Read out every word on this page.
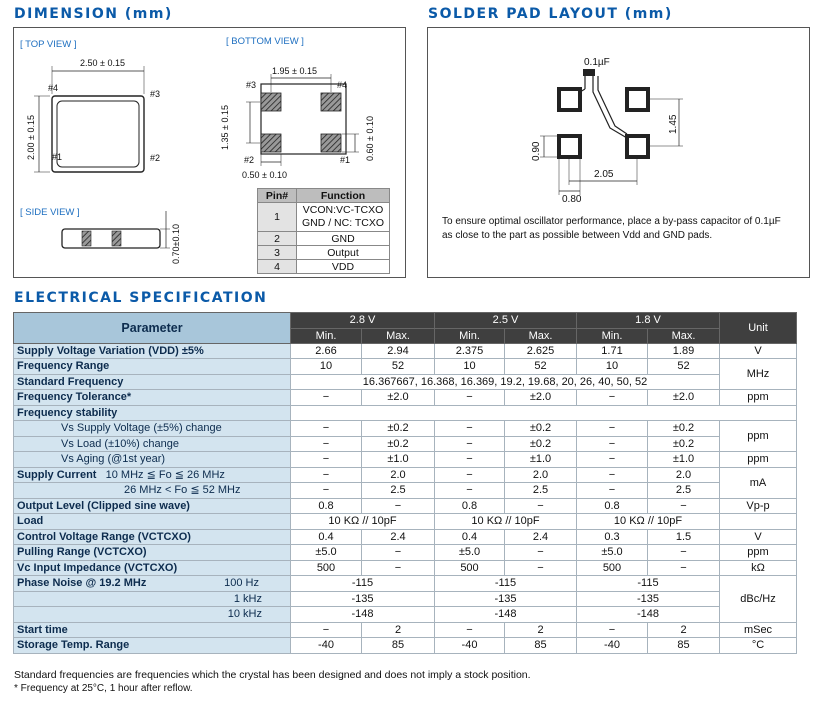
DIMENSION (mm)	SOLDER PAD LAYOUT (mm)
ELECTRICAL SPECIFICATION
[ TOP VIEW ]	[ BOTTOM VIEW ]
[ SIDE VIEW ]
2.50 ± 0.15
2.00 ± 0.15
#4
#3
#1	#2
1.95 ± 0.15
1.35 ± 0.15	0.60 ± 0.10
0.50 ± 0.10
#3	#4
#2	#1
0.70±0.10
Pin#	Function
1	VCON:VC-TCXO
GND / NC: TCXO

2	GND
3	Output
4	VDD
0.1µF
1.45
0.90
2.05
0.80
To ensure optimal oscillator performance, place a by-pass capacitor of 0.1µF
as close to the part as possible between Vdd and GND pads.
Parameter	2.8 V		2.5 V		1.8 V		Unit
	Min.	Max.	Min.	Max.	Min.	Max.	
Supply Voltage Variation (VDD) ±5%	2.66	2.94	2.375	2.625	1.71	1.89	V
Frequency Range	10	52	10	52	10	52	MHz
Standard Frequency	16.367667, 16.368, 16.369, 19.2, 19.68, 20, 26, 40, 50, 52						
Frequency Tolerance*	−	±2.0	−	±2.0	−	±2.0	ppm
Frequency stability							
Vs Supply Voltage (±5%) change	−	±0.2	−	±0.2	−	±0.2	ppm
Vs Load (±10%) change	−	±0.2	−	±0.2	−	±0.2	
Vs Aging (@1st year)	−	±1.0	−	±1.0	−	±1.0	ppm
Supply Current 10 MHz ≦ Fo ≦ 26 MHz	−	2.0	−	2.0	−	2.0	mA
26 MHz < Fo ≦ 52 MHz	−	2.5	−	2.5	−	2.5	
Output Level (Clipped sine wave)	0.8	−	0.8	−	0.8	−	Vp-p
Load	10 KΩ // 10pF		10 KΩ // 10pF		10 KΩ // 10pF		
Control Voltage Range (VCTCXO)	0.4	2.4	0.4	2.4	0.3	1.5	V
Pulling Range (VCTCXO)	±5.0	−	±5.0	−	±5.0	−	ppm
Vc Input Impedance (VCTCXO)	500	−	500	−	500	−	kΩ
Phase Noise @ 19.2 MHz 100 Hz	-115		-115		-115		dBc/Hz
1 kHz	-135		-135		-135		
10 kHz	-148		-148		-148		
Start time	−	2	−	2	−	2	mSec
Storage Temp. Range	-40	85	-40	85	-40	85	°C
Standard frequencies are frequencies which the crystal has been designed and does not imply a stock position.
* Frequency at 25°C, 1 hour after reflow.
